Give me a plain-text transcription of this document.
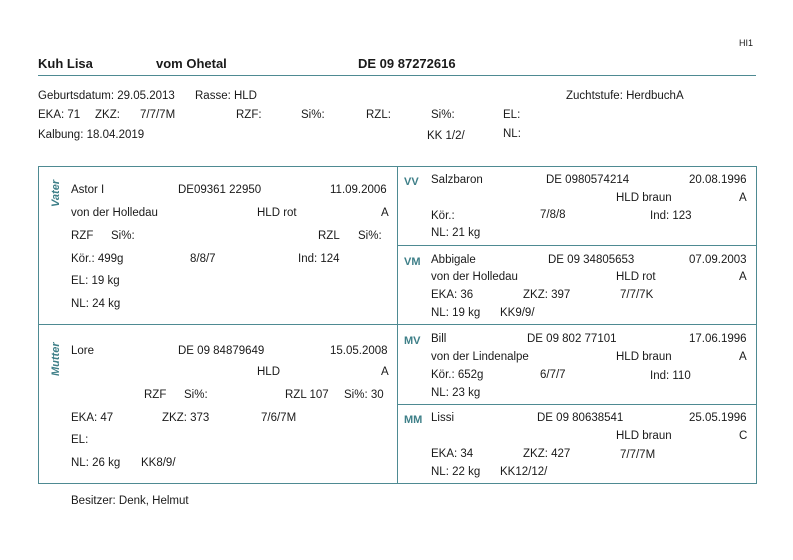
HI1
Kuh Lisa	vom Ohetal	DE 09 87272616
Geburtsdatum: 29.05.2013 Rasse: HLD	Zuchtstufe: HerdbuchA
EKA: 71 ZKZ: 7/7/7M	RZF:	Si%:	RZL:	Si%:	EL:
Kalbung: 18.04.2019	KK 1/2/	NL:
Vater Astor I	DE09361 22950	11.09.2006
von der Holledau	HLD rot	A
RZF Si%:	RZL Si%:
Kör.: 499g	8/8/7	Ind: 124
EL: 19 kg
NL: 24 kg
Mutter Lore	DE 09 84879649	15.05.2008
HLD	A
RZF Si%:	RZL 107 Si%: 30
EKA: 47	ZKZ: 373	7/6/7M
EL:
NL: 26 kg KK8/9/
VV Salzbaron	DE 0980574214	20.08.1996
HLD braun	A
Kör.:	7/8/8	Ind: 123
NL: 21 kg
VM Abbigale	DE 09 34805653	07.09.2003
von der Holledau	HLD rot	A
EKA: 36	ZKZ: 397	7/7/7K
NL: 19 kg KK9/9/
MV Bill	DE 09 802 77101	17.06.1996
von der Lindenalpe	HLD braun	A
Kör.: 652g	6/7/7	Ind: 110
NL: 23 kg
MM Lissi	DE 09 80638541	25.05.1996
HLD braun	C
EKA: 34	ZKZ: 427	7/7/7M
NL: 22 kg KK12/12/
Besitzer: Denk, Helmut
